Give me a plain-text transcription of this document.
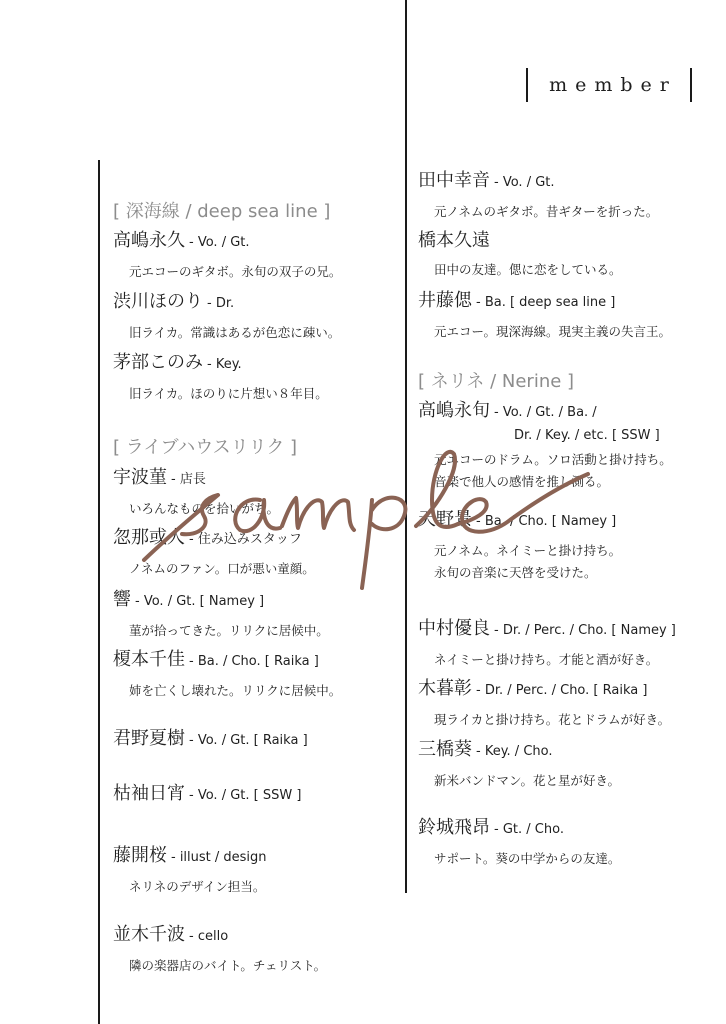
member
[ 深海線 / deep sea line ]
高嶋永久 - Vo. / Gt.
元エコーのギタボ。永旬の双子の兄。
渋川ほのり - Dr.
旧ライカ。常識はあるが色恋に疎い。
茅部このみ - Key.
旧ライカ。ほのりに片想い８年目。
[ ライブハウスリリク ]
宇波菫 - 店長
いろんなものを拾いがち。
忽那或人 - 住み込みスタッフ
ノネムのファン。口が悪い童顔。
響 - Vo. / Gt. [ Namey ]
菫が拾ってきた。リリクに居候中。
榎本千佳 - Ba. / Cho. [ Raika ]
姉を亡くし壊れた。リリクに居候中。
君野夏樹 - Vo. / Gt. [ Raika ]
枯袖日宵 - Vo. / Gt. [ SSW ]
藤開桜 - illust / design
ネリネのデザイン担当。
並木千波 - cello
隣の楽器店のバイト。チェリスト。
田中幸音 - Vo. / Gt.
元ノネムのギタボ。昔ギターを折った。
橋本久遠
田中の友達。偲に恋をしている。
井藤偲 - Ba. [ deep sea line ]
元エコー。現深海線。現実主義の失言王。
[ ネリネ / Nerine ]
高嶋永旬 - Vo. / Gt. / Ba. /
Dr. / Key. / etc. [ SSW ]
元エコーのドラム。ソロ活動と掛け持ち。
音楽で他人の感情を推し測る。
天野景 - Ba. / Cho. [ Namey ]
元ノネム。ネイミーと掛け持ち。
永旬の音楽に天啓を受けた。
中村優良 - Dr. / Perc. / Cho. [ Namey ]
ネイミーと掛け持ち。才能と酒が好き。
木暮彰 - Dr. / Perc. / Cho. [ Raika ]
現ライカと掛け持ち。花とドラムが好き。
三橋葵 - Key. / Cho.
新米バンドマン。花と星が好き。
鈴城飛昂 - Gt. / Cho.
サポート。葵の中学からの友達。
